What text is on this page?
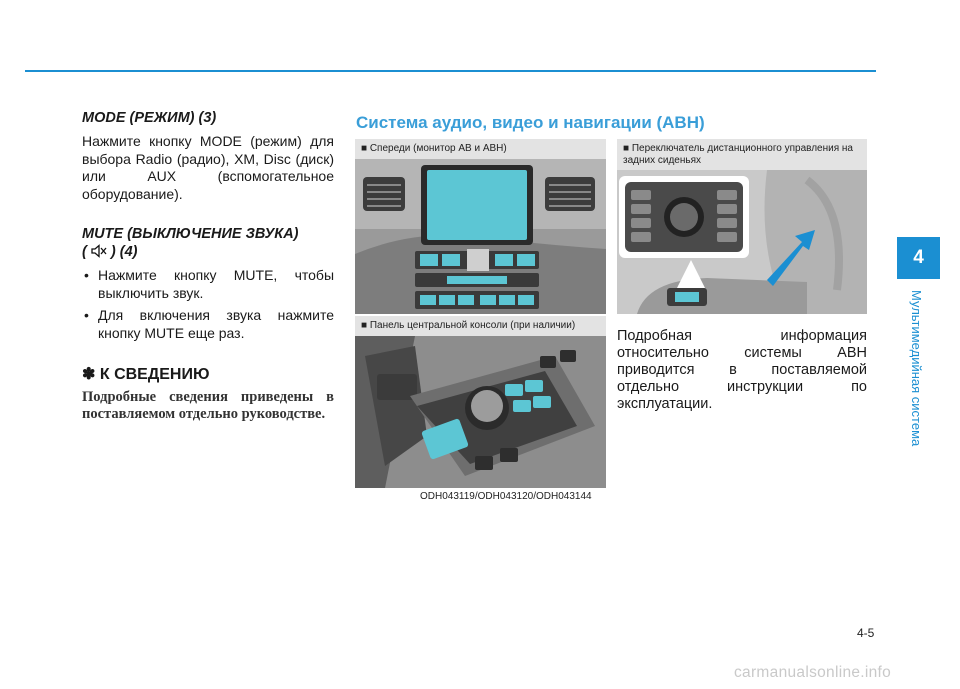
MODE (РЕЖИМ) (3)

Нажмите кнопку MODE (режим) для выбора Radio (радио), XM, Disc (диск) или AUX (вспомогательное оборудование).

MUTE (ВЫКЛЮЧЕНИЕ ЗВУКА)
(  ) (4)
• Нажмите кнопку MUTE, чтобы выключить звук.
• Для включения звука нажмите кнопку MUTE еще раз.
✽ К СВЕДЕНИЮ

Подробные сведения приведены в поставляемом отдельно руководстве.

Система аудио, видео и навигации (АВН)
■ Спереди (монитор АВ и АВН)
■ Панель центральной консоли (при наличии)
■ Переключатель дистанционного управления на задних сиденьях
ODH043119/ODH043120/ODH043144

Подробная информация относительно системы АВН приводится в поставляемой отдельно инструкции по эксплуатации.

4
Мультимедийная система
4-5
carmanualsonline.info
